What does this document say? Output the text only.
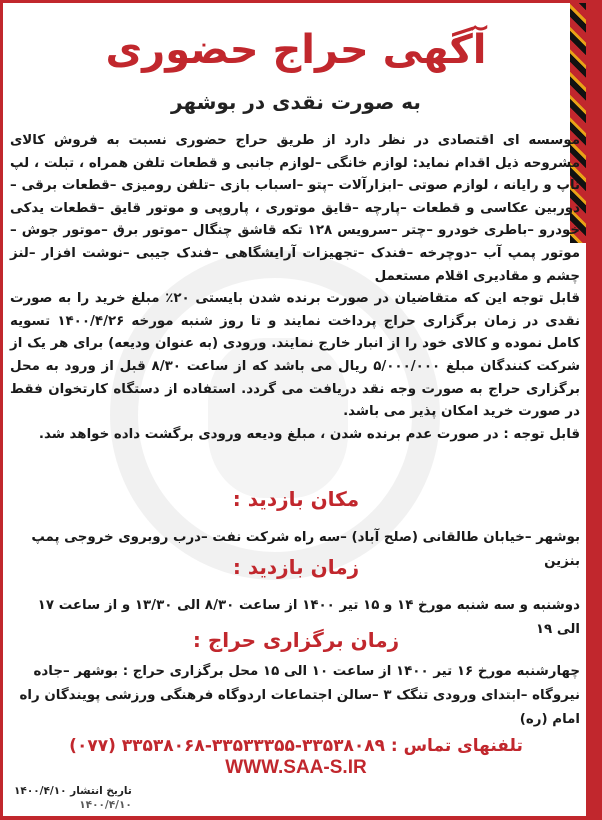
آگهی حراج حضوری
به صورت نقدی در بوشهر

موسسه ای اقتصادی در نظر دارد از طریق حراج حضوری نسبت به فروش کالای مشروحه ذیل اقدام نماید: لوازم خانگی –لوازم جانبی و قطعات تلفن همراه ، تبلت ، لپ تاپ و رایانه ، لوازم صوتی –ابزارآلات –پتو –اسباب بازی –تلفن رومیزی –قطعات برقی –دوربین عکاسی و قطعات –پارچه –قایق موتوری ، پاروپی و موتور قایق –قطعات یدکی خودرو –باطری خودرو –چتر –سرویس ۱۲۸ تکه قاشق چنگال –موتور برق –موتور جوش –موتور پمپ آب –دوچرخه –فندک –تجهیزات آرایشگاهی –فندک جیبی –نوشت افزار –لنز چشم و مقادیری اقلام مستعمل

قابل توجه این که متقاضیان در صورت برنده شدن بایستی ۲۰٪ مبلغ خرید را به صورت نقدی در زمان برگزاری حراج پرداخت نمایند و تا روز شنبه مورخه ۱۴۰۰/۴/۲۶ تسویه کامل نموده و کالای خود را از انبار خارج نمایند. ورودی (به عنوان ودیعه) برای هر یک از شرکت کنندگان مبلغ ۵/۰۰۰/۰۰۰ ریال می باشد که از ساعت ۸/۳۰ قبل از ورود به محل برگزاری حراج به صورت وجه نقد دریافت می گردد. استفاده از دستگاه کارتخوان فقط در صورت خرید امکان پذیر می باشد.

قابل توجه : در صورت عدم برنده شدن ، مبلغ ودیعه ورودی برگشت داده خواهد شد.

مکان بازدید :
بوشهر –خیابان طالقانی (صلح آباد) –سه راه شرکت نفت –درب روبروی خروجی پمپ بنزین
زمان بازدید :
دوشنبه و سه شنبه مورخ ۱۴ و ۱۵ تیر ۱۴۰۰ از ساعت ۸/۳۰ الی ۱۳/۳۰ و از ساعت ۱۷ الی ۱۹
زمان برگزاری حراج :
چهارشنبه مورخ ۱۶ تیر ۱۴۰۰ از ساعت ۱۰ الی ۱۵ محل برگزاری حراج : بوشهر –جاده نیروگاه –ابتدای ورودی تنگک ۳ –سالن اجتماعات اردوگاه فرهنگی ورزشی پویندگان راه امام (ره)
تلفنهای تماس : ۳۳۵۳۸۰۸۹-۳۳۵۳۳۳۵۵-۳۳۵۳۸۰۶۸ (۰۷۷)
WWW.SAA-S.IR
تاریخ انتشار ۱۴۰۰/۴/۱۰
۱۴۰۰/۴/۱۰
